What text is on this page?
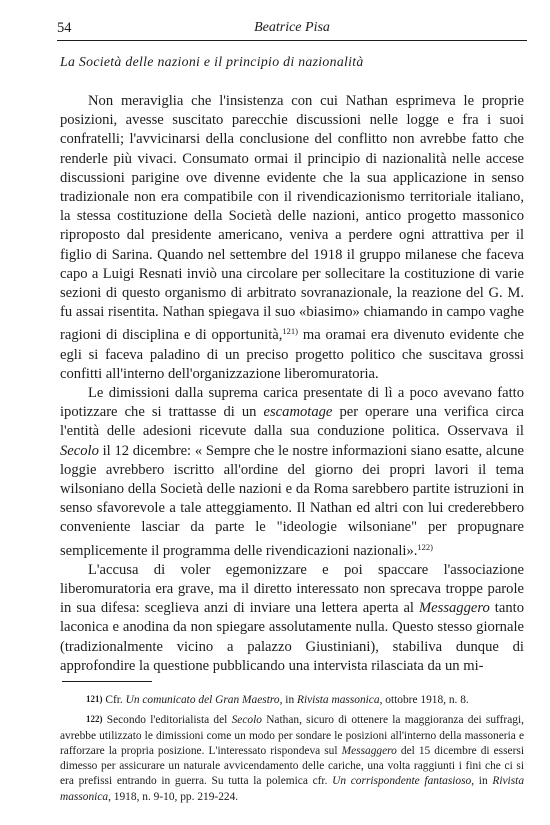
54	Beatrice Pisa
La Società delle nazioni e il principio di nazionalità

Non meraviglia che l'insistenza con cui Nathan esprimeva le proprie posizioni, avesse suscitato parecchie discussioni nelle logge e fra i suoi confratelli; l'avvicinarsi della conclusione del conflitto non avrebbe fatto che renderle più vivaci. Consumato ormai il principio di nazionalità nelle accese discussioni parigine ove divenne evidente che la sua applicazione in senso tradizionale non era compatibile con il rivendicazionismo territoriale italiano, la stessa costituzione della Società delle nazioni, antico progetto massonico riproposto dal presidente americano, veniva a perdere ogni attrattiva per il figlio di Sarina. Quando nel settembre del 1918 il gruppo milanese che faceva capo a Luigi Resnati inviò una circolare per sollecitare la costituzione di varie sezioni di questo organismo di arbitrato sovranazionale, la reazione del G. M. fu assai risentita. Nathan spiegava il suo «biasimo» chiamando in campo vaghe ragioni di disciplina e di opportunità,$^{121)}$ ma oramai era divenuto evidente che egli si faceva paladino di un preciso progetto politico che suscitava grossi confitti all'interno dell'organizzazione liberomuratoria.

Le dimissioni dalla suprema carica presentate di lì a poco avevano fatto ipotizzare che si trattasse di un escamotage per operare una verifica circa l'entità delle adesioni ricevute dalla sua conduzione politica. Osservava il Secolo il 12 dicembre: « Sempre che le nostre informazioni siano esatte, alcune loggie avrebbero iscritto all'ordine del giorno dei propri lavori il tema wilsoniano della Società delle nazioni e da Roma sarebbero partite istruzioni in senso sfavorevole a tale atteggiamento. Il Nathan ed altri con lui crederebbero conveniente lasciar da parte le "ideologie wilsoniane" per propugnare semplicemente il programma delle rivendicazioni nazionali».$^{122)}$

L'accusa di voler egemonizzare e poi spaccare l'associazione liberomuratoria era grave, ma il diretto interessato non sprecava troppe parole in sua difesa: sceglieva anzi di inviare una lettera aperta al Messaggero tanto laconica e anodina da non spiegare assolutamente nulla. Questo stesso giornale (tradizionalmente vicino a palazzo Giustiniani), stabiliva dunque di approfondire la questione pubblicando una intervista rilasciata da un mi-

121) Cfr. Un comunicato del Gran Maestro, in Rivista massonica, ottobre 1918, n. 8.

122) Secondo l'editorialista del Secolo Nathan, sicuro di ottenere la maggioranza dei suffragi, avrebbe utilizzato le dimissioni come un modo per sondare le posizioni all'interno della massoneria e rafforzare la propria posizione. L'interessato rispondeva sul Messaggero del 15 dicembre di essersi dimesso per assicurare un naturale avvicendamento delle cariche, una volta raggiunti i fini che ci si era prefissi entrando in guerra. Su tutta la polemica cfr. Un corrispondente fantasioso, in Rivista massonica, 1918, n. 9-10, pp. 219-224.
